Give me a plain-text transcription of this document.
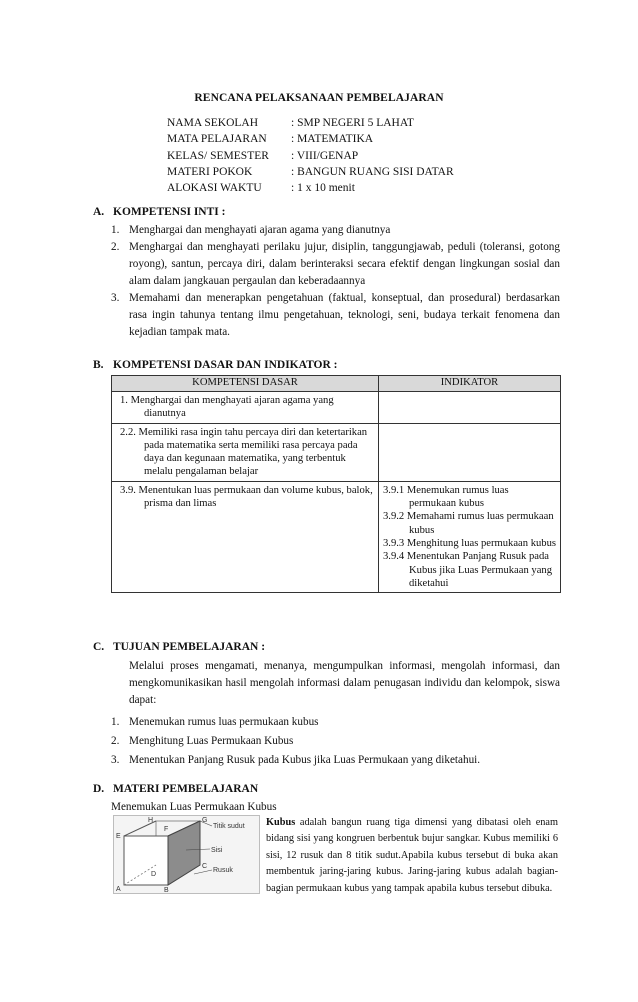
RENCANA PELAKSANAAN PEMBELAJARAN
NAMA SEKOLAH	: SMP NEGERI 5 LAHAT
MATA PELAJARAN : MATEMATIKA
KELAS/ SEMESTER : VIII/GENAP
MATERI POKOK	: BANGUN RUANG SISI DATAR
ALOKASI WAKTU	: 1 x 10 menit
A. KOMPETENSI INTI :
1. Menghargai dan menghayati ajaran agama yang dianutnya
2. Menghargai dan menghayati perilaku jujur, disiplin, tanggungjawab, peduli (toleransi, gotong royong), santun, percaya diri, dalam berinteraksi secara efektif dengan lingkungan sosial dan alam dalam jangkauan pergaulan dan keberadaannya
3. Memahami dan menerapkan pengetahuan (faktual, konseptual, dan prosedural) berdasarkan rasa ingin tahunya tentang ilmu pengetahuan, teknologi, seni, budaya terkait fenomena dan kejadian tampak mata.
B. KOMPETENSI DASAR DAN INDIKATOR :
KOMPETENSI DASAR	INDIKATOR

1. Menghargai dan menghayati ajaran agama yang dianutnya	

2.2. Memiliki rasa ingin tahu percaya diri dan ketertarikan pada matematika serta memiliki rasa percaya pada daya dan kegunaan matematika, yang terbentuk melalu pengalaman belajar	

3.9. Menentukan luas permukaan dan volume kubus, balok, prisma dan limas	3.9.1 Menemukan rumus luas permukaan kubus
3.9.2 Memahami rumus luas permukaan kubus
3.9.3 Menghitung luas permukaan kubus
3.9.4 Menentukan Panjang Rusuk pada Kubus jika Luas Permukaan yang diketahui
C. TUJUAN PEMBELAJARAN :
Melalui proses mengamati, menanya, mengumpulkan informasi, mengolah informasi, dan mengkomunikasikan hasil mengolah informasi dalam penugasan individu dan kelompok, siswa dapat:
1. Menemukan rumus luas permukaan kubus
2. Menghitung Luas Permukaan Kubus
3. Menentukan Panjang Rusuk pada Kubus jika Luas Permukaan yang diketahui.
D. MATERI PEMBELAJARAN
Menemukan Luas Permukaan Kubus
Titik sudut
Sisi
Rusuk
E
H
F
G
A
D
B
C
Kubus adalah bangun ruang tiga dimensi yang dibatasi oleh enam bidang sisi yang kongruen berbentuk bujur sangkar. Kubus memiliki 6 sisi, 12 rusuk dan 8 titik sudut.Apabila kubus tersebut di buka akan membentuk jaring-jaring kubus. Jaring-jaring kubus adalah bagian-bagian permukaan kubus yang tampak apabila kubus tersebut dibuka.
